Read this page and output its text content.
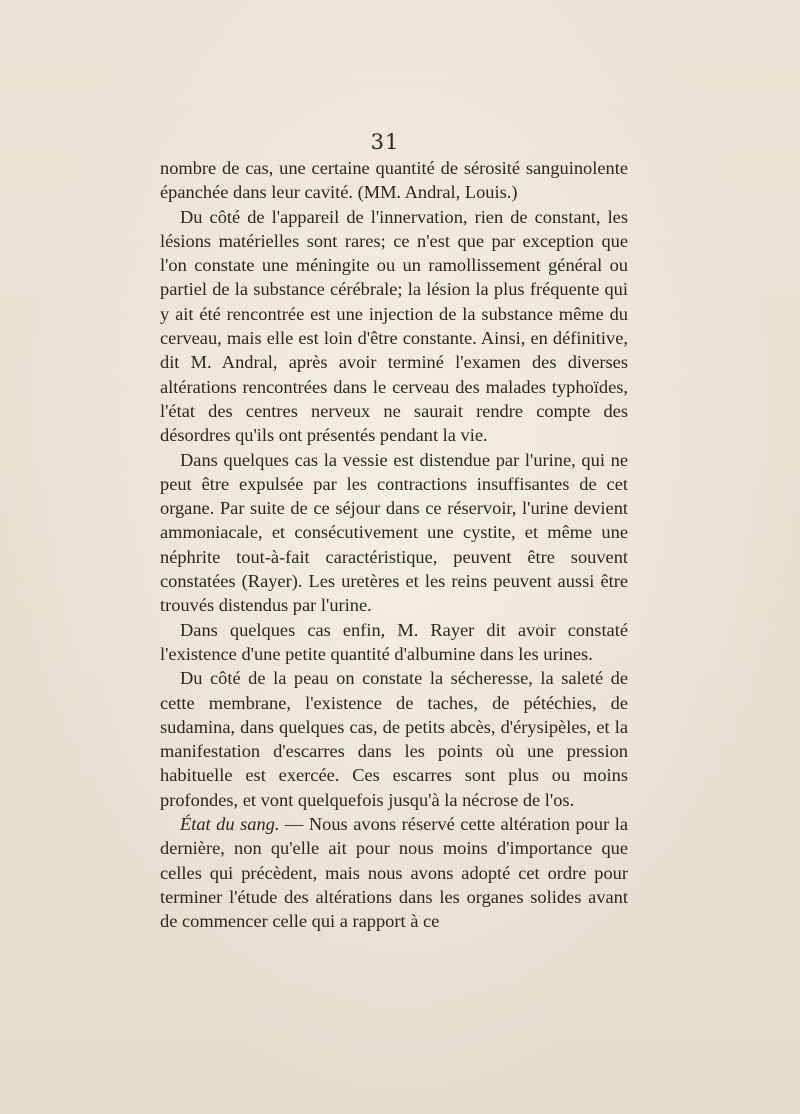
31

nombre de cas, une certaine quantité de sérosité sanguinolente épanchée dans leur cavité. (MM. Andral, Louis.)

Du côté de l'appareil de l'innervation, rien de constant, les lésions matérielles sont rares; ce n'est que par exception que l'on constate une méningite ou un ramollissement général ou partiel de la substance cérébrale; la lésion la plus fréquente qui y ait été rencontrée est une injection de la substance même du cerveau, mais elle est loin d'être constante. Ainsi, en définitive, dit M. Andral, après avoir terminé l'examen des diverses altérations rencontrées dans le cerveau des malades typhoïdes, l'état des centres nerveux ne saurait rendre compte des désordres qu'ils ont présentés pendant la vie.

Dans quelques cas la vessie est distendue par l'urine, qui ne peut être expulsée par les contractions insuffisantes de cet organe. Par suite de ce séjour dans ce réservoir, l'urine devient ammoniacale, et consécutivement une cystite, et même une néphrite tout-à-fait caractéristique, peuvent être souvent constatées (Rayer). Les uretères et les reins peuvent aussi être trouvés distendus par l'urine.

Dans quelques cas enfin, M. Rayer dit avoir constaté l'existence d'une petite quantité d'albumine dans les urines.

Du côté de la peau on constate la sécheresse, la saleté de cette membrane, l'existence de taches, de pétéchies, de sudamina, dans quelques cas, de petits abcès, d'érysipèles, et la manifestation d'escarres dans les points où une pression habituelle est exercée. Ces escarres sont plus ou moins profondes, et vont quelquefois jusqu'à la nécrose de l'os.

État du sang. — Nous avons réservé cette altération pour la dernière, non qu'elle ait pour nous moins d'importance que celles qui précèdent, mais nous avons adopté cet ordre pour terminer l'étude des altérations dans les organes solides avant de commencer celle qui a rapport à ce
